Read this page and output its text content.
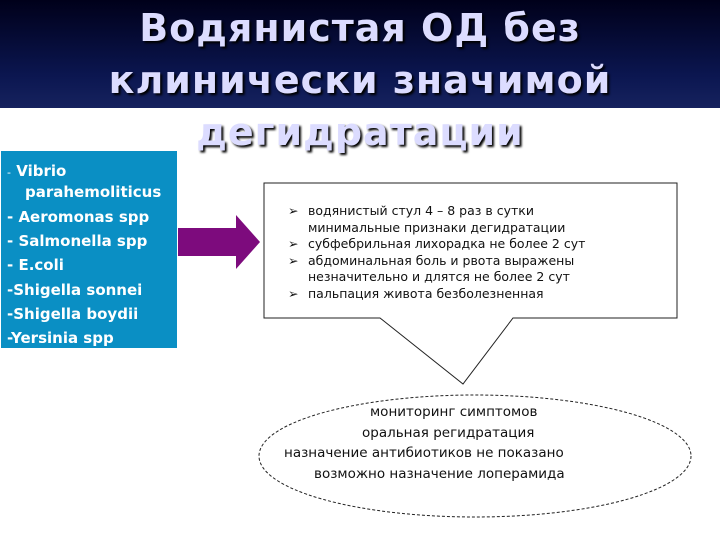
Водянистая ОД без
клинически значимой
дегидратации
- Vibrio
parahemoliticus
- Aeromonas spp
- Salmonella spp
- E.coli
-Shigella sonnei
-Shigella boydii
-Yersinia spp
➢ водянистый стул 4 – 8 раз в сутки
минимальные признаки дегидратации
➢ субфебрильная лихорадка не более 2 сут
➢ абдоминальная боль и рвота выражены
незначительно и длятся не более 2 сут
➢ пальпация живота безболезненная
мониторинг симптомов
оральная регидратация
назначение антибиотиков не показано
возможно назначение лоперамида
